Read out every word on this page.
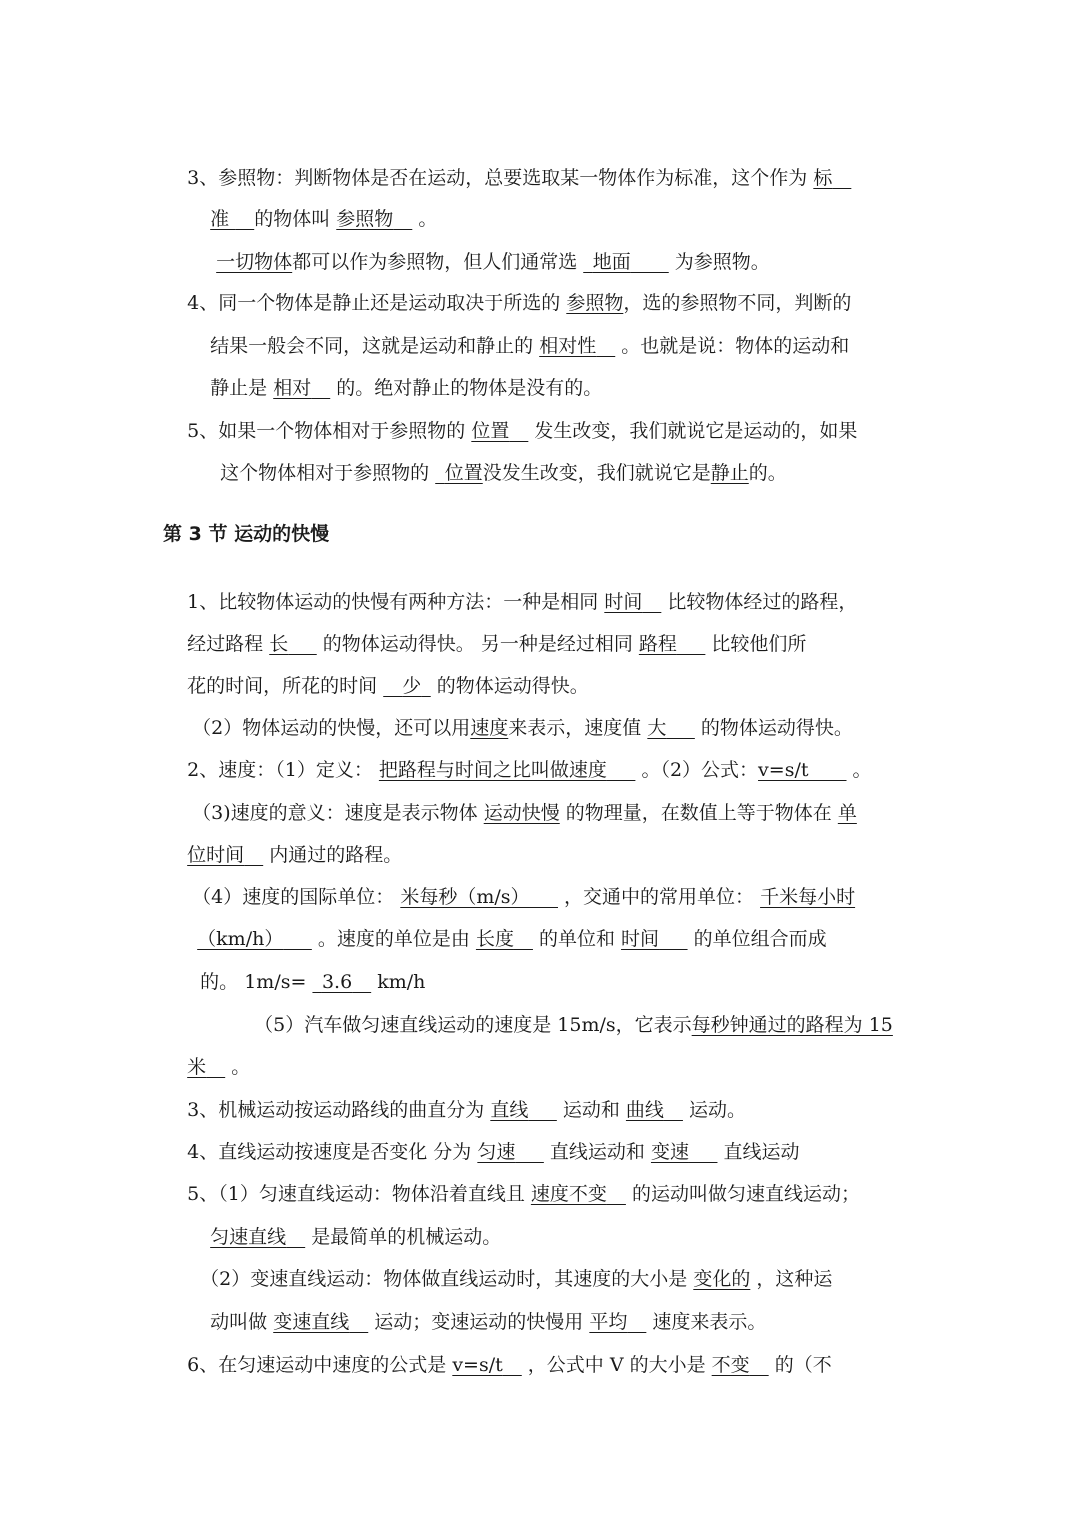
3、参照物：判断物体是否在运动，总要选取某一物体作为标准，这个作为 标 

准  的物体叫 参照物  。

一切物体都可以作为参照物，但人们通常选  地面   为参照物。

4、同一个物体是静止还是运动取决于所选的 参照物，选的参照物不同，判断的

结果一般会不同，这就是运动和静止的 相对性  。也就是说：物体的运动和

静止是 相对  的。绝对静止的物体是没有的。

5、如果一个物体相对于参照物的 位置  发生改变，我们就说它是运动的，如果

这个物体相对于参照物的  位置没发生改变，我们就说它是静止的。

第 3 节 运动的快慢

1、比较物体运动的快慢有两种方法：一种是相同 时间  比较物体经过的路程，

经过路程 长   的物体运动得快。 另一种是经过相同 路程   比较他们所

花的时间，所花的时间   少  的物体运动得快。

（2）物体运动的快慢，还可以用速度来表示，速度值 大   的物体运动得快。

2、速度：（1）定义： 把路程与时间之比叫做速度   。（2）公式：v=s/t   。

（3)速度的意义：速度是表示物体 运动快慢 的物理量，在数值上等于物体在 单

位时间  内通过的路程。

（4）速度的国际单位： 米每秒（m/s）   ，交通中的常用单位： 千米每小时

（km/h）   。速度的单位是由 长度  的单位和 时间   的单位组合而成

的。 1m/s=  3.6   km/h

（5）汽车做匀速直线运动的速度是 15m/s，它表示每秒钟通过的路程为 15

米  。

3、机械运动按运动路线的曲直分为 直线   运动和 曲线  运动。

4、直线运动按速度是否变化 分为 匀速   直线运动和 变速   直线运动

5、（1）匀速直线运动：物体沿着直线且 速度不变  的运动叫做匀速直线运动；

匀速直线  是最简单的机械运动。

（2）变速直线运动：物体做直线运动时，其速度的大小是 变化的 ，这种运

动叫做 变速直线  运动；变速运动的快慢用 平均  速度来表示。

6、在匀速运动中速度的公式是 v=s/t  ，公式中 V 的大小是 不变  的（不
